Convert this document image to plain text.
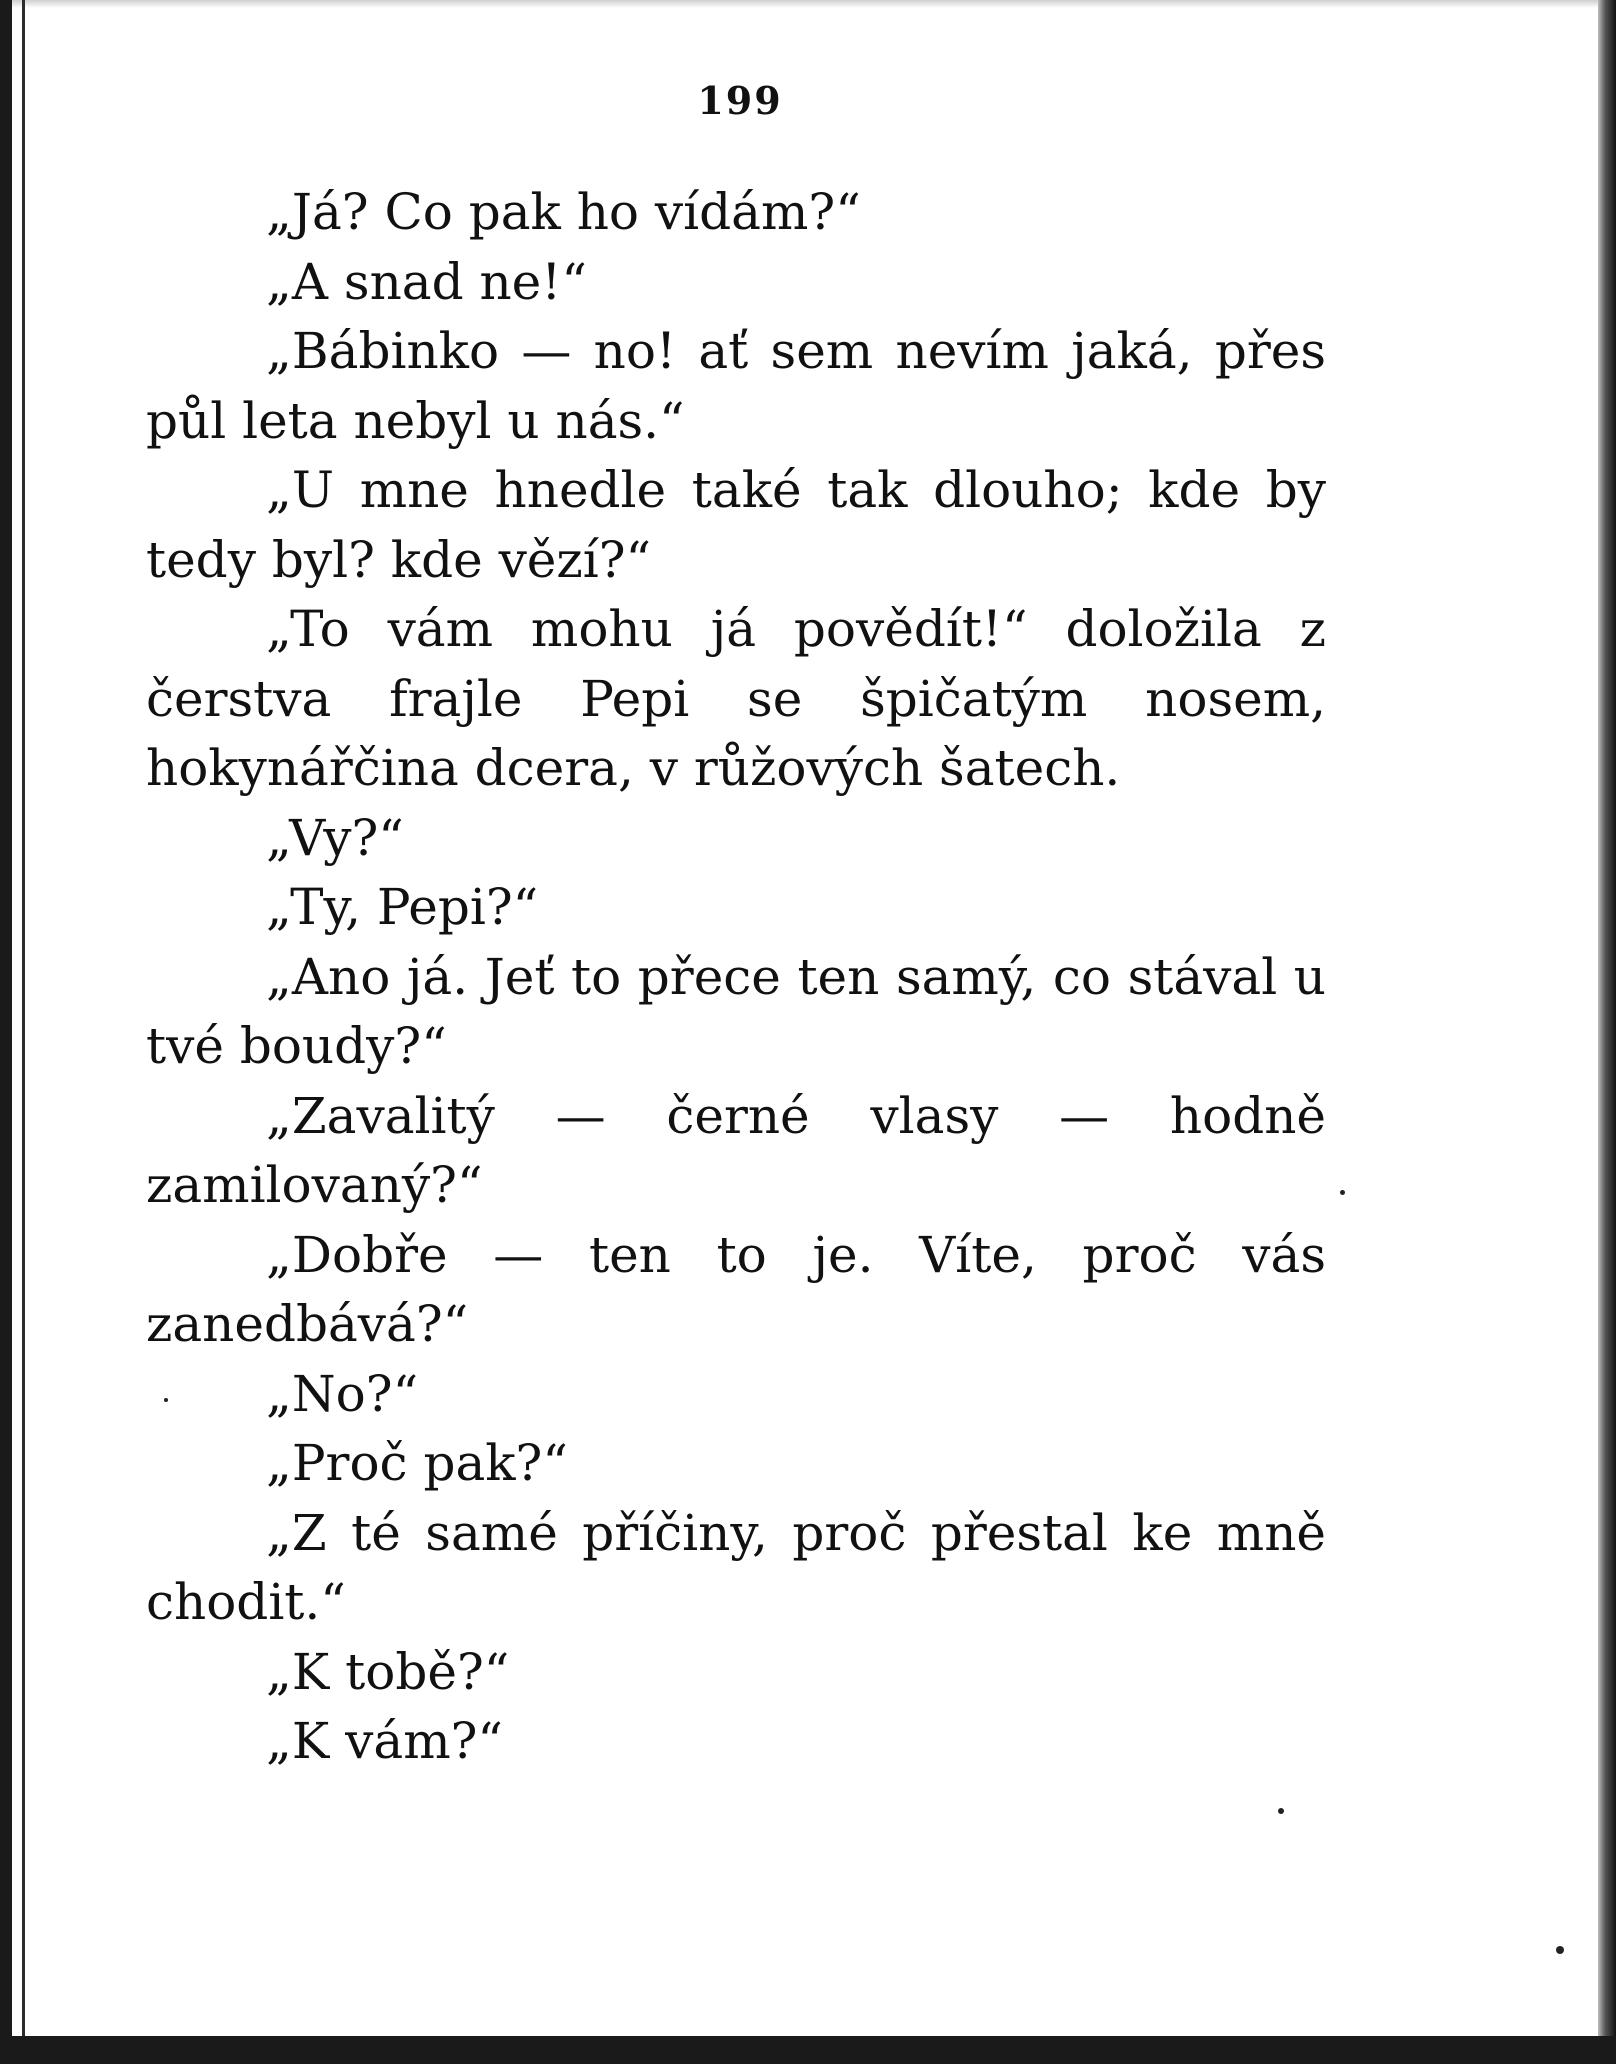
199

„Já? Co pak ho vídám?“

„A snad ne!“

„Bábinko — no! ať sem nevím jaká, přes půl leta nebyl u nás.“

„U mne hnedle také tak dlouho; kde by tedy byl? kde vězí?“

„To vám mohu já povědít!“ doložila z čerstva frajle Pepi se špičatým nosem, hokynářčina dcera, v růžových šatech.

„Vy?“

„Ty, Pepi?“

„Ano já. Jeť to přece ten samý, co stával u tvé boudy?“

„Zavalitý — černé vlasy — hodně zamilovaný?“

„Dobře — ten to je. Víte, proč vás zanedbává?“

„No?“

„Proč pak?“

„Z té samé příčiny, proč přestal ke mně chodit.“

„K tobě?“

„K vám?“
